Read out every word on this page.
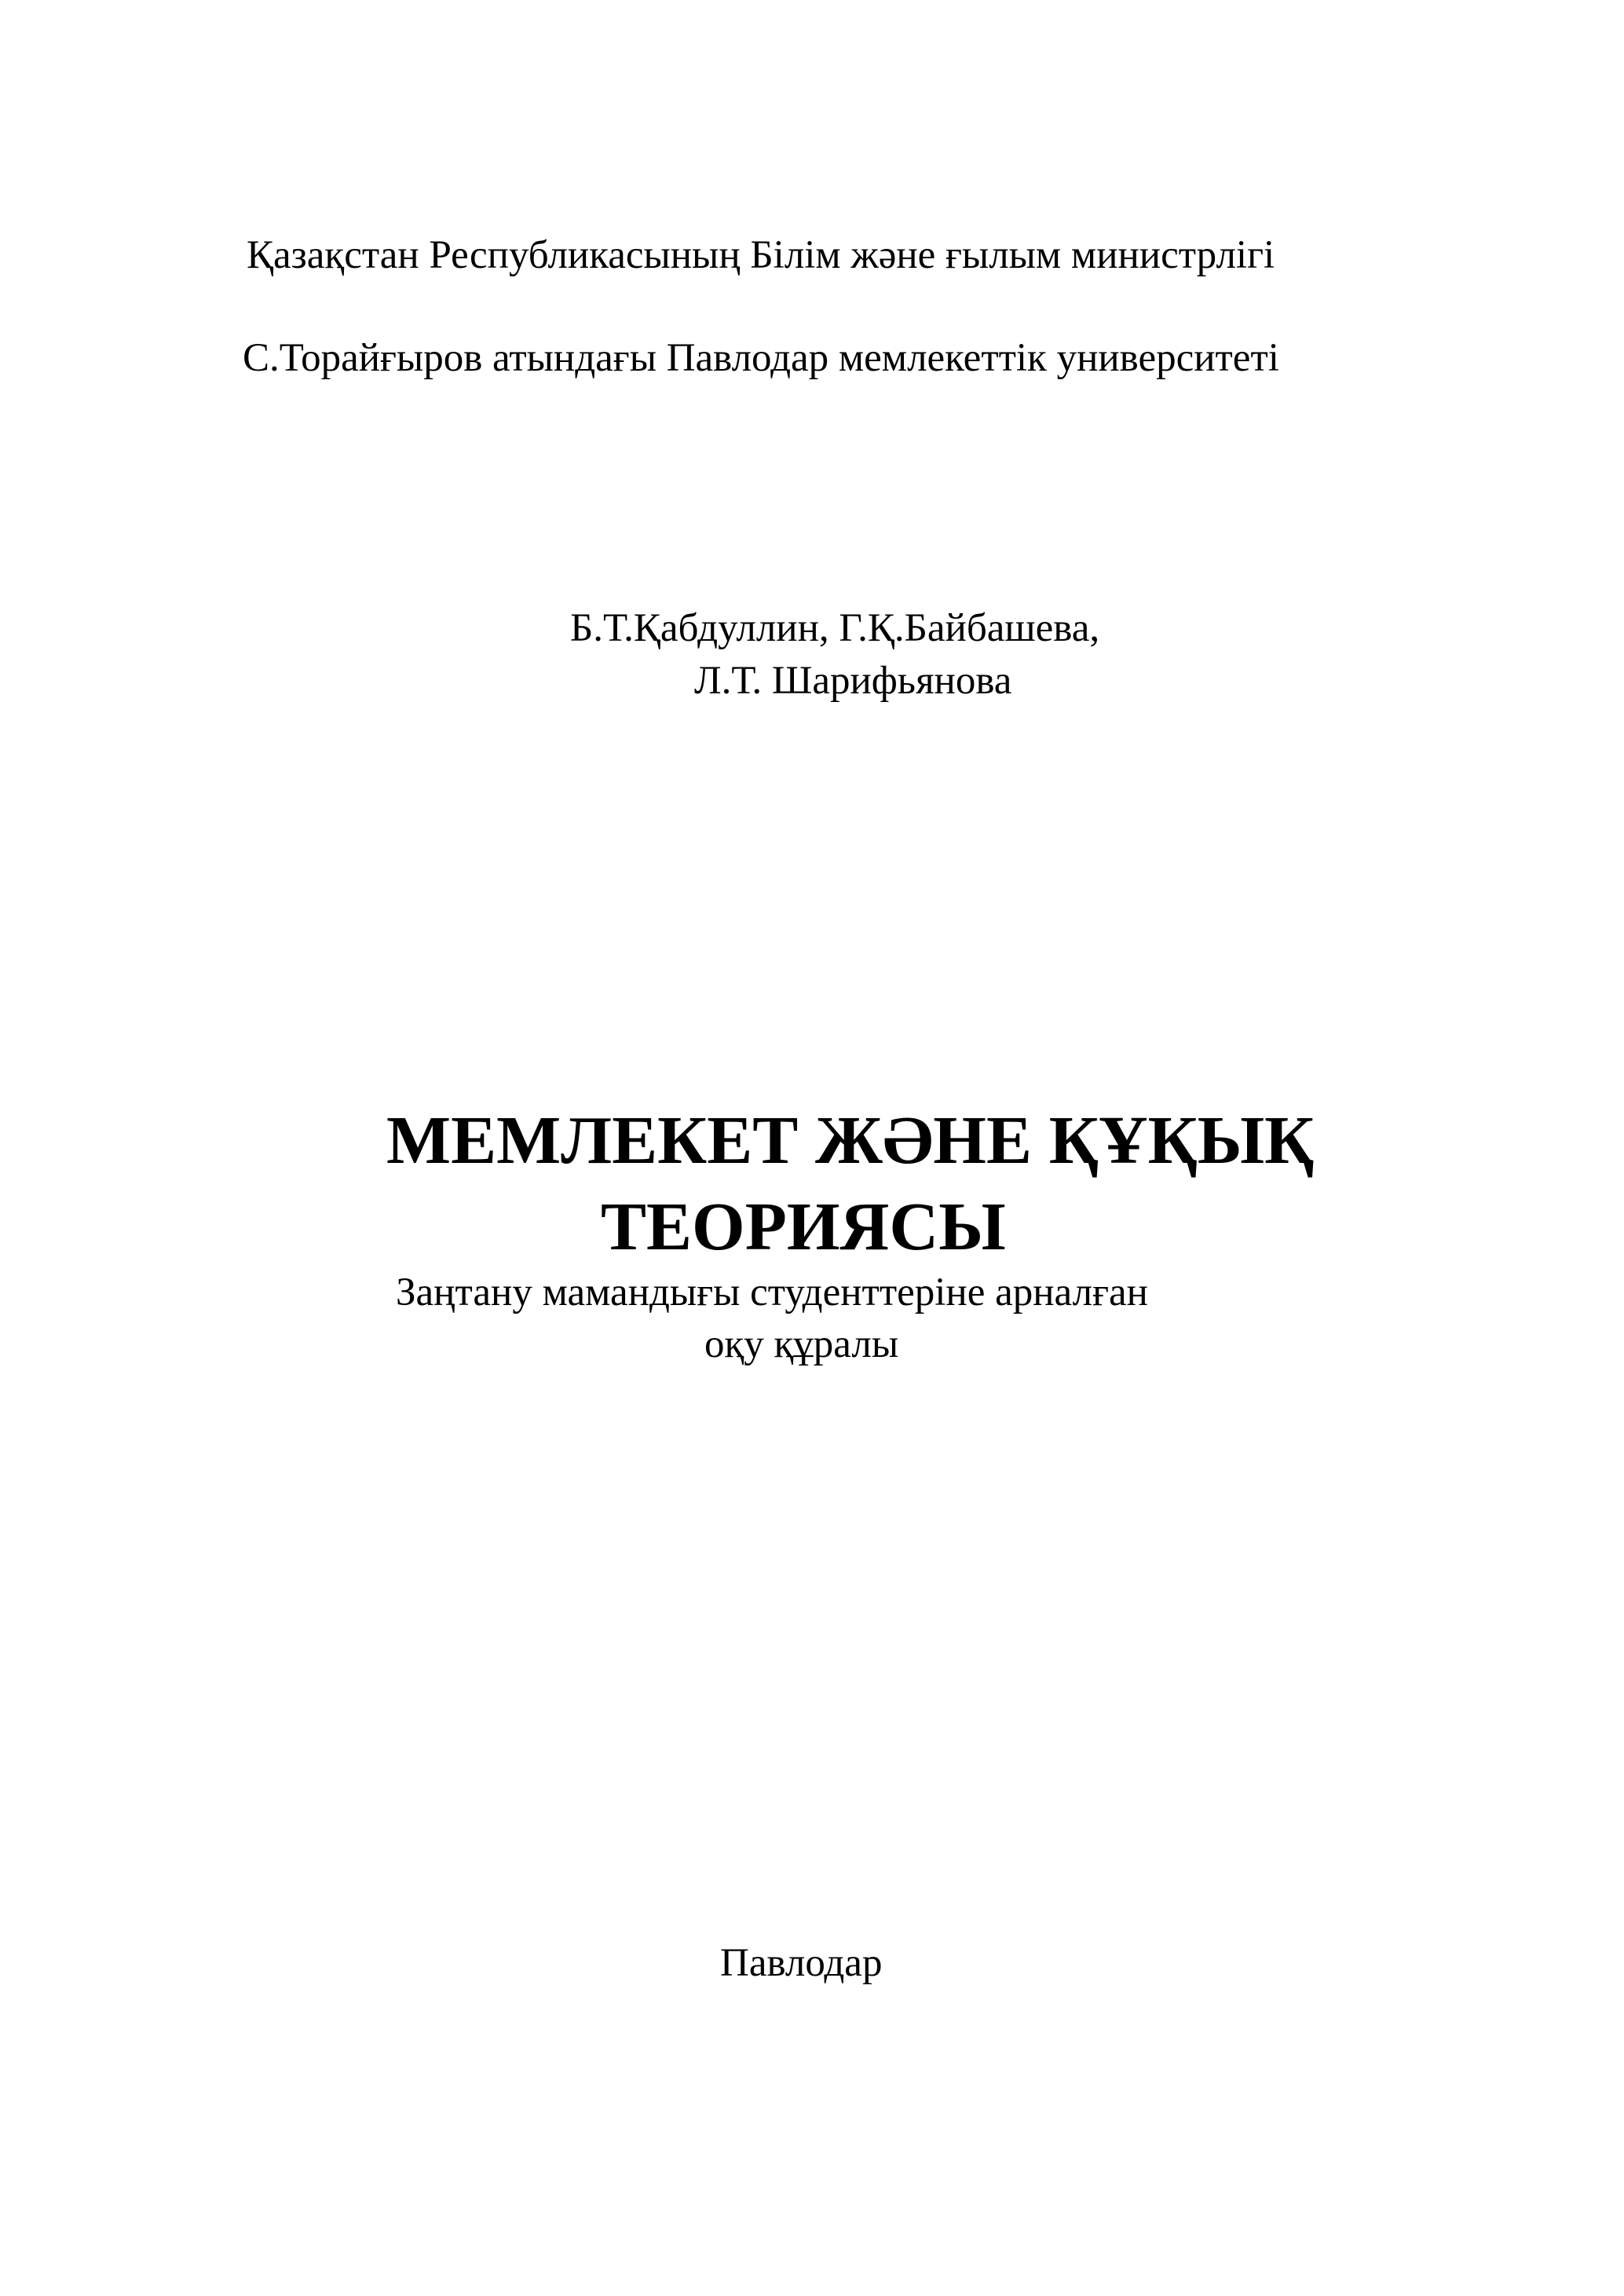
Қазақстан Республикасының Білім және ғылым министрлігі
С.Торайғыров атындағы Павлодар мемлекеттік университеті
Б.Т.Қабдуллин, Г.Қ.Байбашева,
Л.Т. Шарифьянова
МЕМЛЕКЕТ ЖӘНЕ ҚҰҚЫҚ
ТЕОРИЯСЫ
Заңтану мамандығы студенттеріне арналған
оқу құралы
Павлодар
